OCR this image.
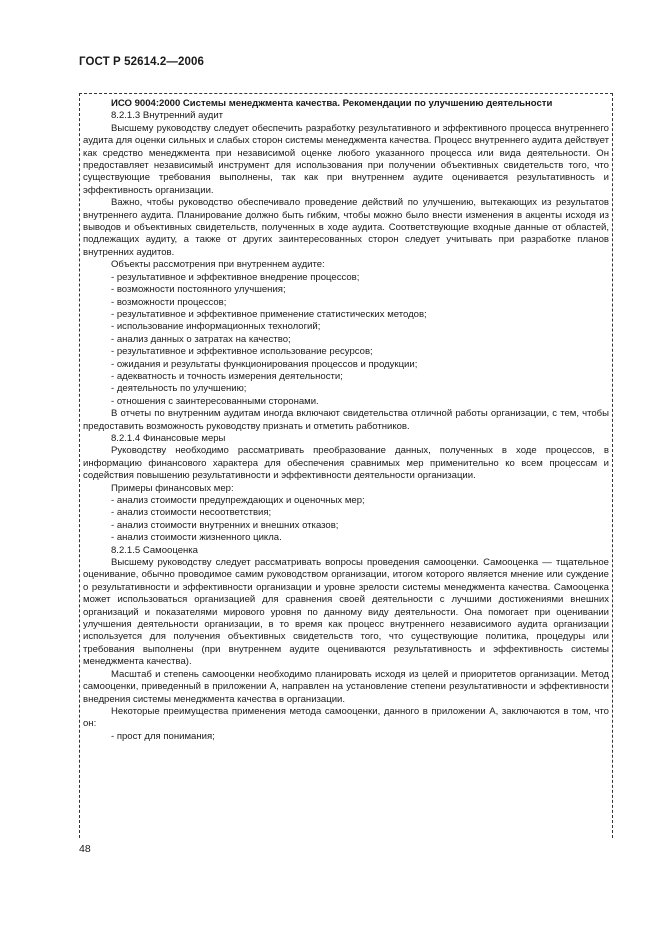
ГОСТ Р 52614.2—2006

ИСО 9004:2000 Системы менеджмента качества. Рекомендации по улучшению деятельности

8.2.1.3 Внутренний аудит

Высшему руководству следует обеспечить разработку результативного и эффективного процесса внутреннего аудита для оценки сильных и слабых сторон системы менеджмента качества. Процесс внутреннего аудита действует как средство менеджмента при независимой оценке любого указанного процесса или вида деятельности. Он предоставляет независимый инструмент для использования при получении объективных свидетельств того, что существующие требования выполнены, так как при внутреннем аудите оценивается результативность и эффективность организации.

Важно, чтобы руководство обеспечивало проведение действий по улучшению, вытекающих из результатов внутреннего аудита. Планирование должно быть гибким, чтобы можно было внести изменения в акценты исходя из выводов и объективных свидетельств, полученных в ходе аудита. Соответствующие входные данные от областей, подлежащих аудиту, а также от других заинтересованных сторон следует учитывать при разработке планов внутренних аудитов.

Объекты рассмотрения при внутреннем аудите:

- результативное и эффективное внедрение процессов;

- возможности постоянного улучшения;

- возможности процессов;

- результативное и эффективное применение статистических методов;

- использование информационных технологий;

- анализ данных о затратах на качество;

- результативное и эффективное использование ресурсов;

- ожидания и результаты функционирования процессов и продукции;

- адекватность и точность измерения деятельности;

- деятельность по улучшению;

- отношения с заинтересованными сторонами.

В отчеты по внутренним аудитам иногда включают свидетельства отличной работы организации, с тем, чтобы предоставить возможность руководству признать и отметить работников.

8.2.1.4 Финансовые меры

Руководству необходимо рассматривать преобразование данных, полученных в ходе процессов, в информацию финансового характера для обеспечения сравнимых мер применительно ко всем процессам и содействия повышению результативности и эффективности деятельности организации.

Примеры финансовых мер:

- анализ стоимости предупреждающих и оценочных мер;

- анализ стоимости несоответствия;

- анализ стоимости внутренних и внешних отказов;

- анализ стоимости жизненного цикла.

8.2.1.5 Самооценка

Высшему руководству следует рассматривать вопросы проведения самооценки. Самооценка — тщательное оценивание, обычно проводимое самим руководством организации, итогом которого является мнение или суждение о результативности и эффективности организации и уровне зрелости системы менеджмента качества. Самооценка может использоваться организацией для сравнения своей деятельности с лучшими достижениями внешних организаций и показателями мирового уровня по данному виду деятельности. Она помогает при оценивании улучшения деятельности организации, в то время как процесс внутреннего независимого аудита организации используется для получения объективных свидетельств того, что существующие политика, процедуры или требования выполнены (при внутреннем аудите оцениваются результативность и эффективность системы менеджмента качества).

Масштаб и степень самооценки необходимо планировать исходя из целей и приоритетов организации. Метод самооценки, приведенный в приложении А, направлен на установление степени результативности и эффективности внедрения системы менеджмента качества в организации.

Некоторые преимущества применения метода самооценки, данного в приложении А, заключаются в том, что он:

- прост для понимания;

48
